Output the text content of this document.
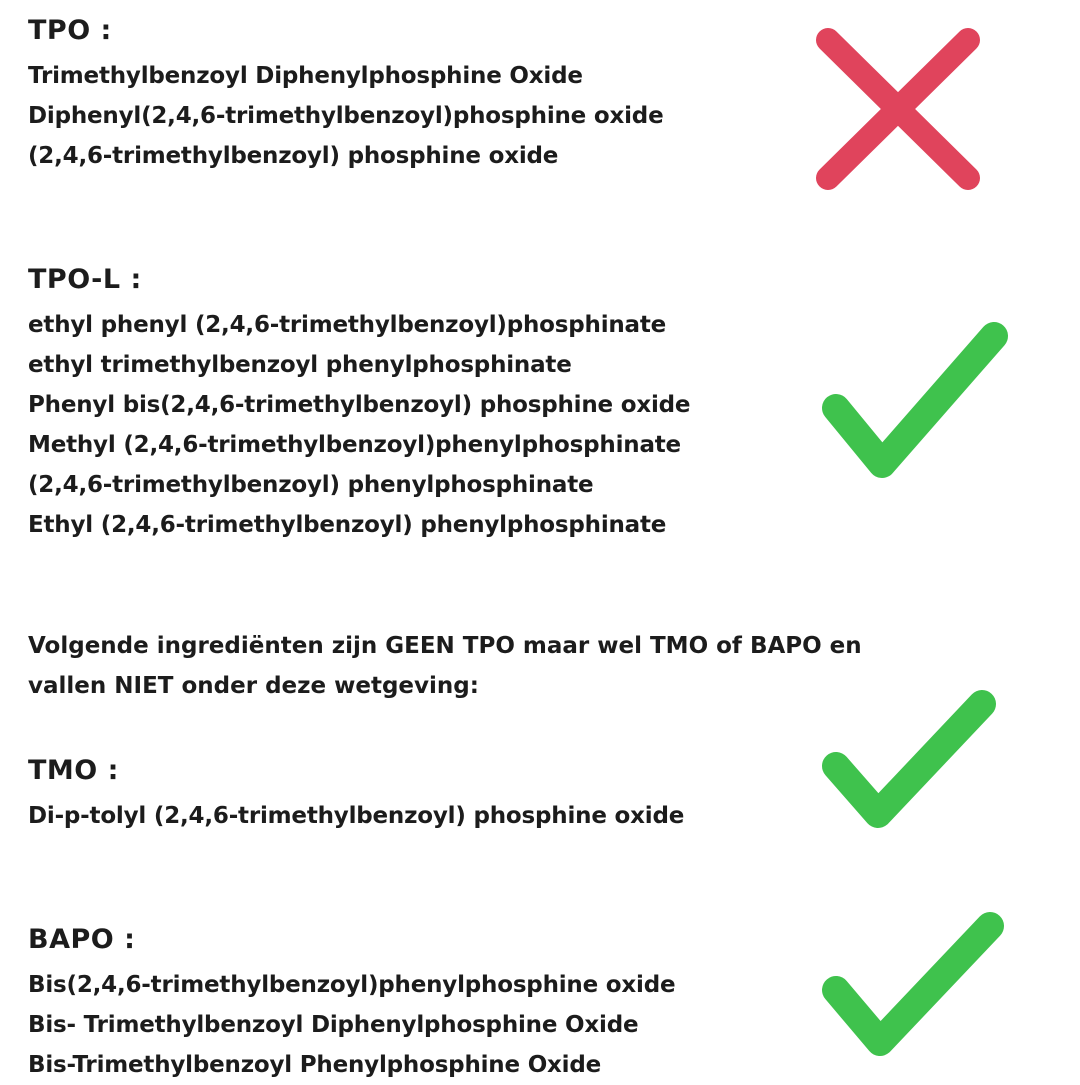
TPO :
Trimethylbenzoyl Diphenylphosphine Oxide
Diphenyl(2,4,6-trimethylbenzoyl)phosphine oxide
(2,4,6-trimethylbenzoyl) phosphine oxide
TPO-L :
ethyl phenyl (2,4,6-trimethylbenzoyl)phosphinate
ethyl trimethylbenzoyl phenylphosphinate
Phenyl bis(2,4,6-trimethylbenzoyl) phosphine oxide
Methyl (2,4,6-trimethylbenzoyl)phenylphosphinate
(2,4,6-trimethylbenzoyl) phenylphosphinate
Ethyl (2,4,6-trimethylbenzoyl) phenylphosphinate
Volgende ingrediënten zijn GEEN TPO maar wel TMO of BAPO en
vallen NIET onder deze wetgeving:
TMO :
Di-p-tolyl (2,4,6-trimethylbenzoyl) phosphine oxide
BAPO :
Bis(2,4,6-trimethylbenzoyl)phenylphosphine oxide
Bis- Trimethylbenzoyl Diphenylphosphine Oxide
Bis-Trimethylbenzoyl Phenylphosphine Oxide
